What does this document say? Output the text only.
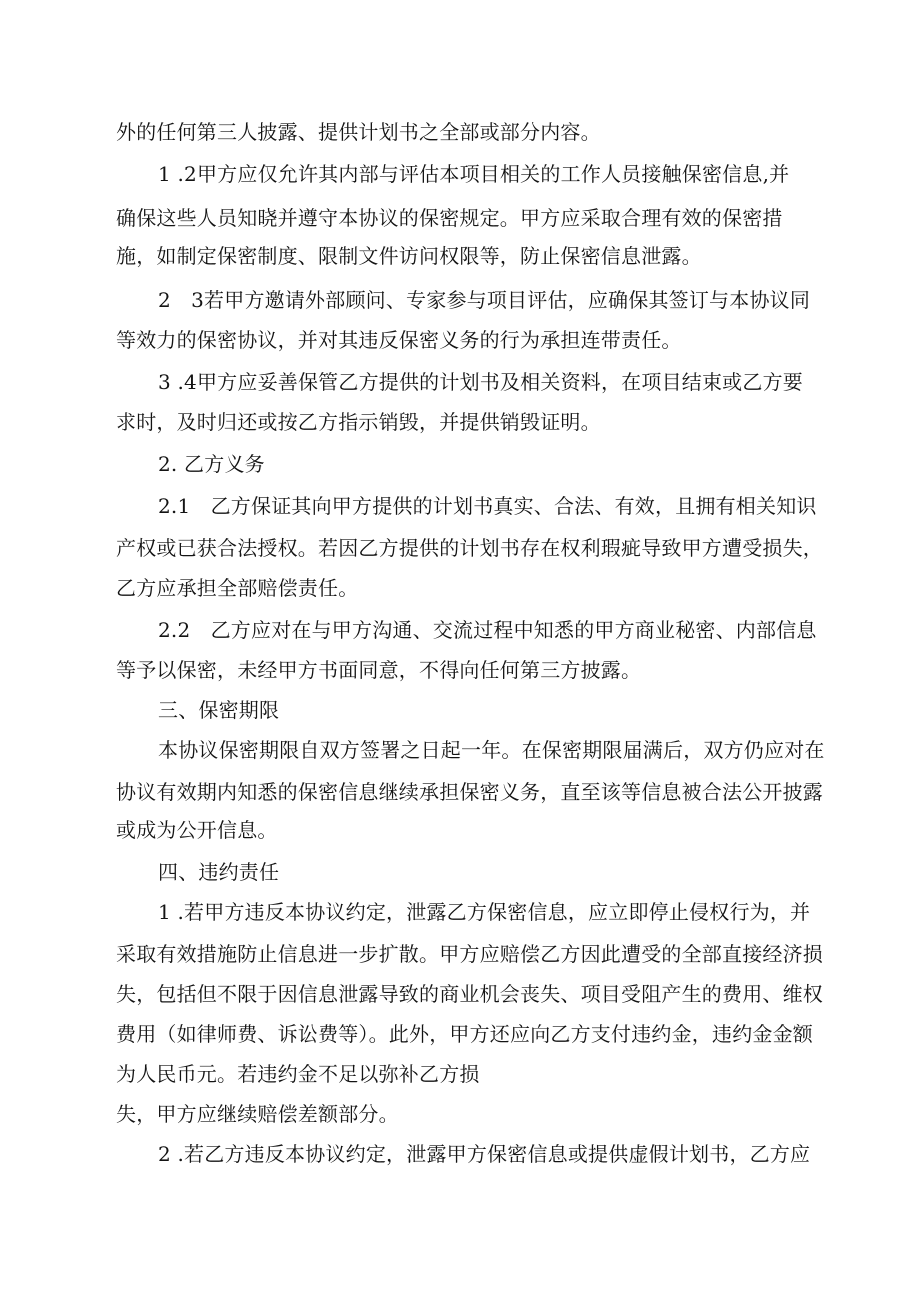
外的任何第三人披露、提供计划书之全部或部分内容。
1 .2甲方应仅允许其内部与评估本项目相关的工作人员接触保密信息,并
确保这些人员知晓并遵守本协议的保密规定。甲方应采取合理有效的保密措
施，如制定保密制度、限制文件访问权限等，防止保密信息泄露。
2　3若甲方邀请外部顾问、专家参与项目评估，应确保其签订与本协议同
等效力的保密协议，并对其违反保密义务的行为承担连带责任。
3 .4甲方应妥善保管乙方提供的计划书及相关资料，在项目结束或乙方要
求时，及时归还或按乙方指示销毁，并提供销毁证明。
2. 乙方义务
2.1　乙方保证其向甲方提供的计划书真实、合法、有效，且拥有相关知识
产权或已获合法授权。若因乙方提供的计划书存在权利瑕疵导致甲方遭受损失，
乙方应承担全部赔偿责任。
2.2　乙方应对在与甲方沟通、交流过程中知悉的甲方商业秘密、内部信息
等予以保密，未经甲方书面同意，不得向任何第三方披露。
三、保密期限
本协议保密期限自双方签署之日起一年。在保密期限届满后，双方仍应对在
协议有效期内知悉的保密信息继续承担保密义务，直至该等信息被合法公开披露
或成为公开信息。
四、违约责任
1 .若甲方违反本协议约定，泄露乙方保密信息，应立即停止侵权行为，并
采取有效措施防止信息进一步扩散。甲方应赔偿乙方因此遭受的全部直接经济损
失，包括但不限于因信息泄露导致的商业机会丧失、项目受阻产生的费用、维权
费用（如律师费、诉讼费等）。此外，甲方还应向乙方支付违约金，违约金金额
为人民币元。若违约金不足以弥补乙方损
失，甲方应继续赔偿差额部分。
2 .若乙方违反本协议约定，泄露甲方保密信息或提供虚假计划书，乙方应
